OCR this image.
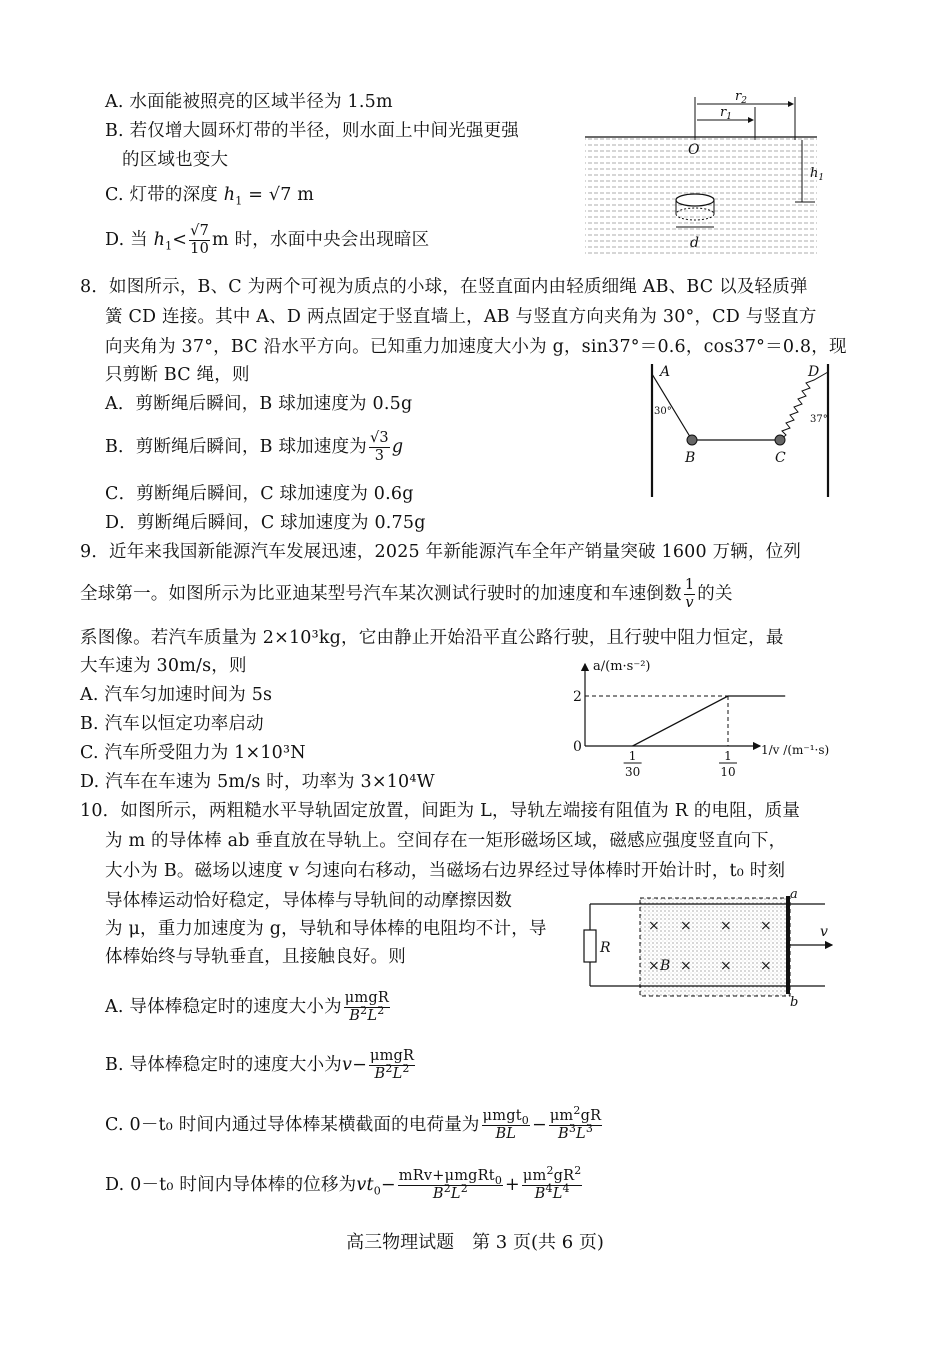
A. 水面能被照亮的区域半径为 1.5m
B. 若仅增大圆环灯带的半径，则水面上中间光强更强
的区域也变大
C. 灯带的深度 $h_1 = √7$ m
D. 当 $h_1< \frac{√7}{10}$ m 时，水面中央会出现暗区
$r_2$
$r_1$
O
$h_1$
d
8．如图所示，B、C 为两个可视为质点的小球，在竖直面内由轻质细绳 AB、BC 以及轻质弹
簧 CD 连接。其中 A、D 两点固定于竖直墙上，AB 与竖直方向夹角为 30°，CD 与竖直方
向夹角为 37°，BC 沿水平方向。已知重力加速度大小为 g，sin37°＝0.6，cos37°＝0.8，现
只剪断 BC 绳，则
A．剪断绳后瞬间，B 球加速度为 0.5g
B．剪断绳后瞬间，B 球加速度为 $\frac{√3}{3}$ g
C．剪断绳后瞬间，C 球加速度为 0.6g
D．剪断绳后瞬间，C 球加速度为 0.75g
A	D
B	C
30°
37°
9．近年来我国新能源汽车发展迅速，2025 年新能源汽车全年产销量突破 1600 万辆，位列
全球第一。如图所示为比亚迪某型号汽车某次测试行驶时的加速度和车速倒数 $\frac{1}{v}$ 的关
系图像。若汽车质量为 2×10³kg，它由静止开始沿平直公路行驶，且行驶中阻力恒定，最
大车速为 30m/s，则
A. 汽车匀加速时间为 5s
B. 汽车以恒定功率启动
C. 汽车所受阻力为 1×10³N
D. 汽车在车速为 5m/s 时，功率为 3×10⁴W
a/(m·s⁻²)
1/v /(m⁻¹·s)
0
2
1
30
1
10
10．如图所示，两粗糙水平导轨固定放置，间距为 L，导轨左端接有阻值为 R 的电阻，质量
为 m 的导体棒 ab 垂直放在导轨上。空间存在一矩形磁场区域，磁感应强度竖直向下，
大小为 B。磁场以速度 v 匀速向右移动，当磁场右边界经过导体棒时开始计时，t₀ 时刻
导体棒运动恰好稳定，导体棒与导轨间的动摩擦因数
为 μ，重力加速度为 g，导轨和导体棒的电阻均不计，导
体棒始终与导轨垂直，且接触良好。则
A. 导体棒稳定时的速度大小为 μmgR
$B^2L^2$
B. 导体棒稳定时的速度大小为v− μmgR
$B^2L^2$
C. 0－t₀ 时间内通过导体棒某横截面的电荷量为 μmgt$_0$
BL − $\frac{\mu m^2gR}{B^3L^3}$
D. 0－t₀ 时间内导体棒的位移为$vt_0-$ mRv+μmgRt$_0$
$B^2L^2$	+ $\frac{\mu m^2gR^2}{B^4L^4}$
R
a
b
v
× × × ×
× B × × ×
高三物理试题　第 3 页(共 6 页)
